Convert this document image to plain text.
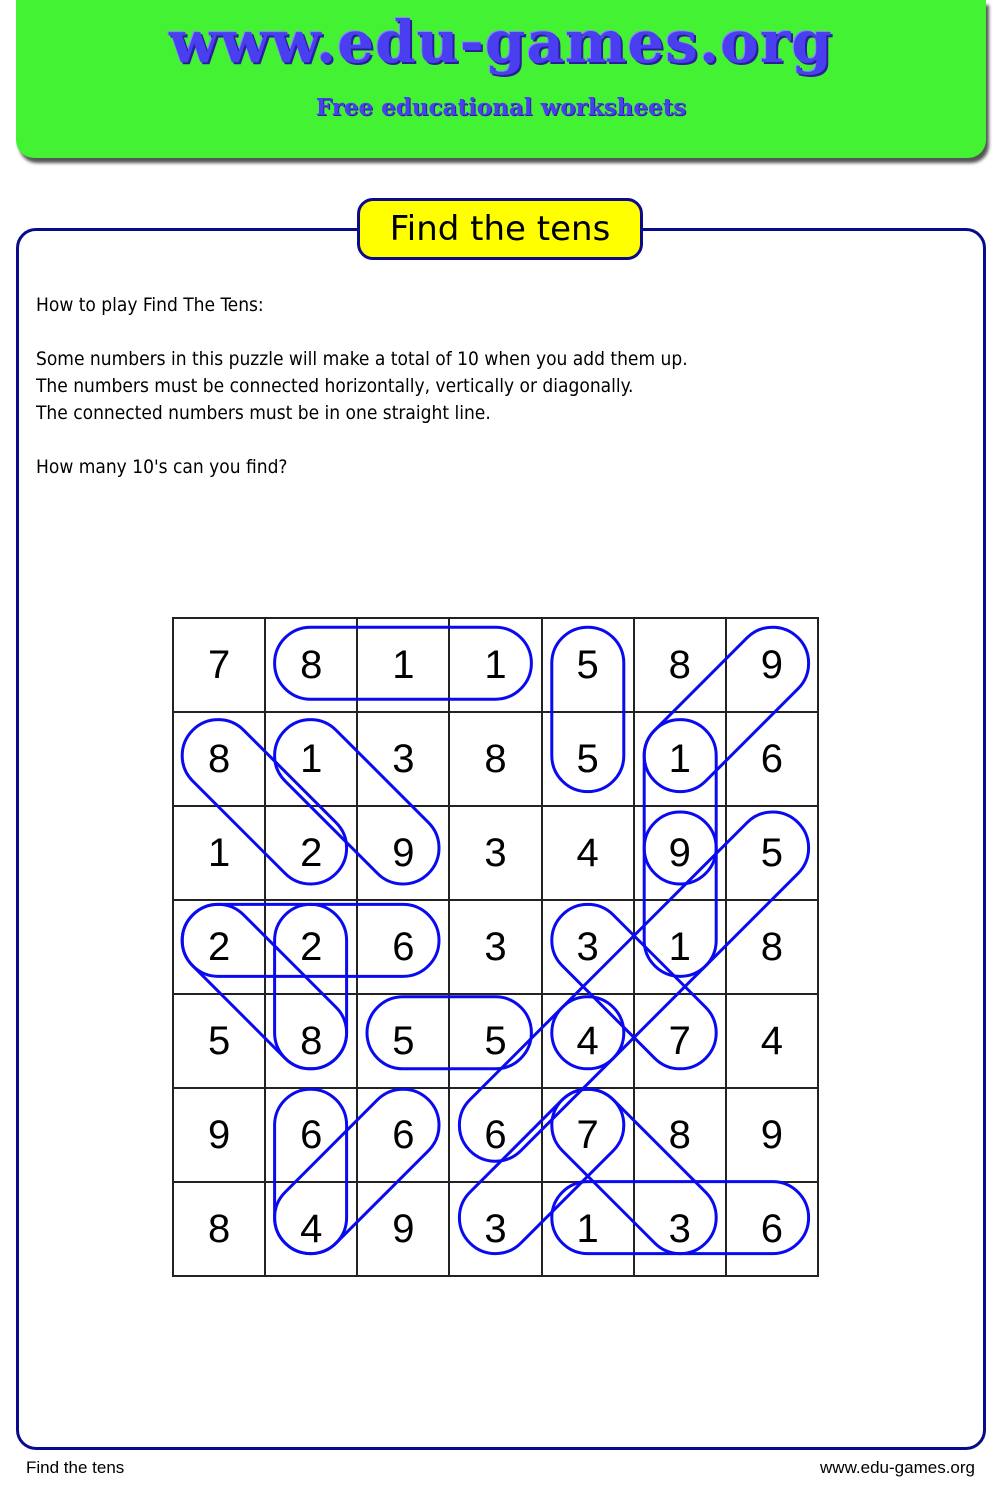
www.edu-games.org
Free educational worksheets
Find the tens

How to play Find The Tens:

Some numbers in this puzzle will make a total of 10 when you add them up.

The numbers must be connected horizontally, vertically or diagonally.

The connected numbers must be in one straight line.

How many 10's can you find?

7	8	1	1	5	8	9
8	1	3	8	5	1	6
1	2	9	3	4	9	5
2	2	6	3	3	1	8
5	8	5	5	4	7	4
9	6	6	6	7	8	9
8	4	9	3	1	3	6
Find the tens	www.edu-games.org
